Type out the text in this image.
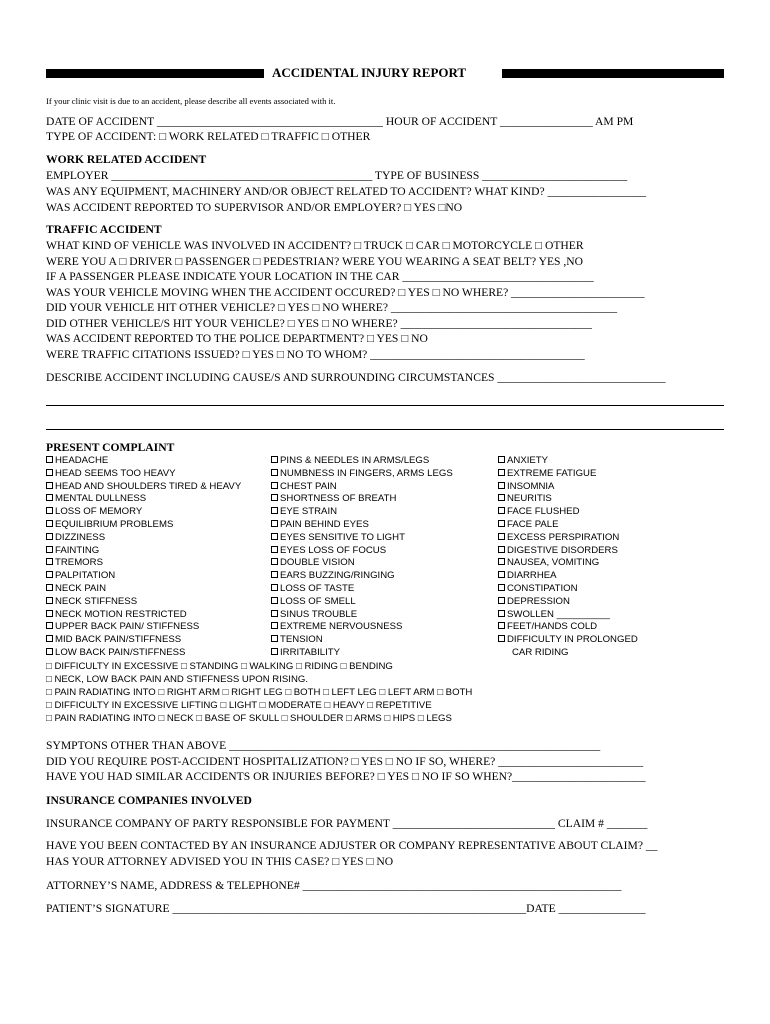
ACCIDENTAL INJURY REPORT
If your clinic visit is due to an accident, please describe all events associated with it.
DATE OF ACCIDENT _______________________________________ HOUR OF ACCIDENT ________________ AM PM
TYPE OF ACCIDENT: □ WORK RELATED □ TRAFFIC □ OTHER
WORK RELATED ACCIDENT
EMPLOYER _____________________________________________ TYPE OF BUSINESS _________________________
WAS ANY EQUIPMENT, MACHINERY AND/OR OBJECT RELATED TO ACCIDENT? WHAT KIND? _________________
WAS ACCIDENT REPORTED TO SUPERVISOR AND/OR EMPLOYER? □ YES □NO
TRAFFIC ACCIDENT
WHAT KIND OF VEHICLE WAS INVOLVED IN ACCIDENT? □ TRUCK □ CAR □ MOTORCYCLE □ OTHER
WERE YOU A □ DRIVER □ PASSENGER □ PEDESTRIAN? WERE YOU WEARING A SEAT BELT? YES ,NO
IF A PASSENGER PLEASE INDICATE YOUR LOCATION IN THE CAR _________________________________
WAS YOUR VEHICLE MOVING WHEN THE ACCIDENT OCCURED? □ YES □ NO WHERE? _______________________
DID YOUR VEHICLE HIT OTHER VEHICLE? □ YES □ NO WHERE? _______________________________________
DID OTHER VEHICLE/S HIT YOUR VEHICLE? □ YES □ NO WHERE? _________________________________
WAS ACCIDENT REPORTED TO THE POLICE DEPARTMENT? □ YES □ NO
WERE TRAFFIC CITATIONS ISSUED? □ YES □ NO TO WHOM? _____________________________________
DESCRIBE ACCIDENT INCLUDING CAUSE/S AND SURROUNDING CIRCUMSTANCES _____________________________
PRESENT COMPLAINT
HEADACHE
HEAD SEEMS TOO HEAVY
HEAD AND SHOULDERS TIRED & HEAVY
MENTAL DULLNESS
LOSS OF MEMORY
EQUILIBRIUM PROBLEMS
DIZZINESS
FAINTING
TREMORS
PALPITATION
NECK PAIN
NECK STIFFNESS
NECK MOTION RESTRICTED
UPPER BACK PAIN/ STIFFNESS
MID BACK PAIN/STIFFNESS
LOW BACK PAIN/STIFFNESS
PINS & NEEDLES IN ARMS/LEGS
NUMBNESS IN FINGERS, ARMS LEGS
CHEST PAIN
SHORTNESS OF BREATH
EYE STRAIN
PAIN BEHIND EYES
EYES SENSITIVE TO LIGHT
EYES LOSS OF FOCUS
DOUBLE VISION
EARS BUZZING/RINGING
LOSS OF TASTE
LOSS OF SMELL
SINUS TROUBLE
EXTREME NERVOUSNESS
TENSION
IRRITABILITY
ANXIETY
EXTREME FATIGUE
INSOMNIA
NEURITIS
FACE FLUSHED
FACE PALE
EXCESS PERSPIRATION
DIGESTIVE DISORDERS
NAUSEA, VOMITING
DIARRHEA
CONSTIPATION
DEPRESSION
SWOLLEN __________
FEET/HANDS COLD
DIFFICULTY IN PROLONGED
CAR RIDING
□ DIFFICULTY IN EXCESSIVE □ STANDING □ WALKING □ RIDING □ BENDING
□ NECK, LOW BACK PAIN AND STIFFNESS UPON RISING.
□ PAIN RADIATING INTO □ RIGHT ARM □ RIGHT LEG □ BOTH □ LEFT LEG □ LEFT ARM □ BOTH
□ DIFFICULTY IN EXCESSIVE LIFTING □ LIGHT □ MODERATE □ HEAVY □ REPETITIVE
□ PAIN RADIATING INTO □ NECK □ BASE OF SKULL □ SHOULDER □ ARMS □ HIPS □ LEGS
SYMPTONS OTHER THAN ABOVE ________________________________________________________________
DID YOU REQUIRE POST-ACCIDENT HOSPITALIZATION? □ YES □ NO IF SO, WHERE? _________________________
HAVE YOU HAD SIMILAR ACCIDENTS OR INJURIES BEFORE? □ YES □ NO IF SO WHEN?_______________________
INSURANCE COMPANIES INVOLVED
INSURANCE COMPANY OF PARTY RESPONSIBLE FOR PAYMENT ____________________________ CLAIM # _______
HAVE YOU BEEN CONTACTED BY AN INSURANCE ADJUSTER OR COMPANY REPRESENTATIVE ABOUT CLAIM? __
HAS YOUR ATTORNEY ADVISED YOU IN THIS CASE? □ YES □ NO
ATTORNEY’S NAME, ADDRESS & TELEPHONE# _______________________________________________________
PATIENT’S SIGNATURE _____________________________________________________________DATE _______________
